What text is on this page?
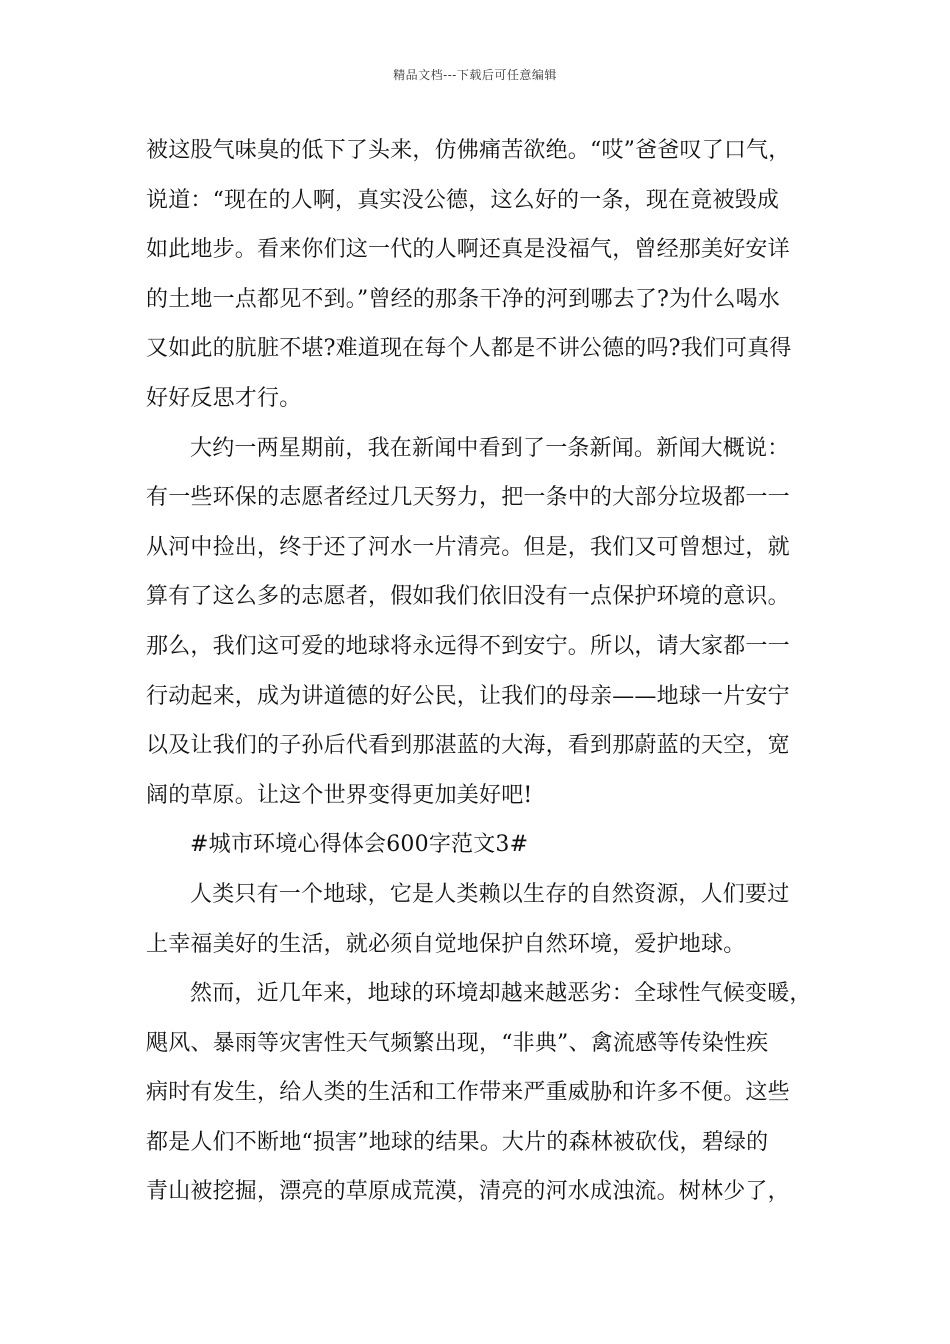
精品文档---下载后可任意编辑
被这股气味臭的低下了头来，仿佛痛苦欲绝。“哎”爸爸叹了口气，
说道：“现在的人啊，真实没公德，这么好的一条，现在竟被毁成
如此地步。看来你们这一代的人啊还真是没福气，曾经那美好安详
的土地一点都见不到。”曾经的那条干净的河到哪去了?为什么喝水
又如此的肮脏不堪?难道现在每个人都是不讲公德的吗?我们可真得
好好反思才行。
大约一两星期前，我在新闻中看到了一条新闻。新闻大概说：
有一些环保的志愿者经过几天努力，把一条中的大部分垃圾都一一
从河中捡出，终于还了河水一片清亮。但是，我们又可曾想过，就
算有了这么多的志愿者，假如我们依旧没有一点保护环境的意识。
那么，我们这可爱的地球将永远得不到安宁。所以，请大家都一一
行动起来，成为讲道德的好公民，让我们的母亲——地球一片安宁
以及让我们的子孙后代看到那湛蓝的大海，看到那蔚蓝的天空，宽
阔的草原。让这个世界变得更加美好吧!
#城市环境心得体会600字范文3#
人类只有一个地球，它是人类赖以生存的自然资源，人们要过
上幸福美好的生活，就必须自觉地保护自然环境，爱护地球。
然而，近几年来，地球的环境却越来越恶劣：全球性气候变暖，
飓风、暴雨等灾害性天气频繁出现，“非典”、禽流感等传染性疾
病时有发生，给人类的生活和工作带来严重威胁和许多不便。这些
都是人们不断地“损害”地球的结果。大片的森林被砍伐，碧绿的
青山被挖掘，漂亮的草原成荒漠，清亮的河水成浊流。树林少了，
